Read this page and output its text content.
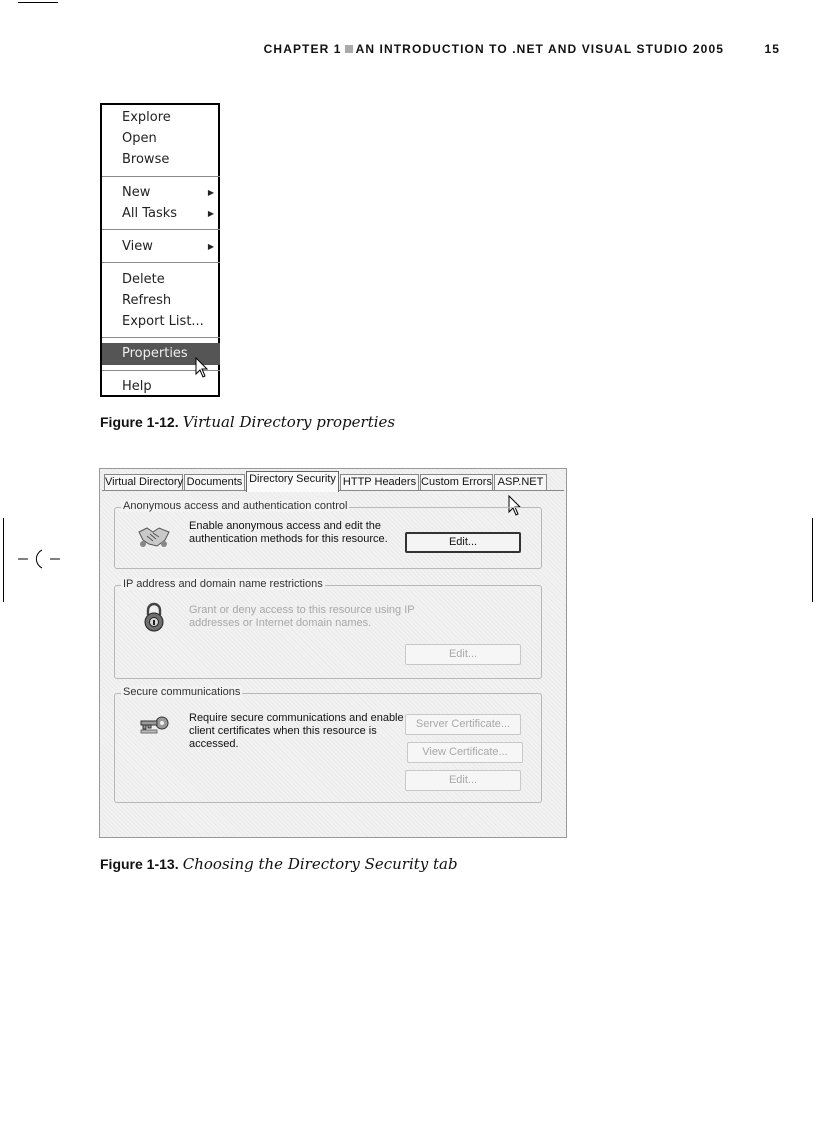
CHAPTER 1 AN INTRODUCTION TO .NET AND VISUAL STUDIO 2005	15
Explore
Open
Browse
New	▶
All Tasks	▶
View	▶
Delete
Refresh
Export List...
Properties
Help
Figure 1-12. Virtual Directory properties
Virtual Directory Documents Directory Security HTTP Headers Custom Errors ASP.NET
Anonymous access and authentication control
Enable anonymous access and edit the
authentication methods for this resource.	Edit...
IP address and domain name restrictions
Grant or deny access to this resource using IP
addresses or Internet domain names.
Edit...
Secure communications
Require secure communications and enable
client certificates when this resource is
accessed.
Server Certificate...
View Certificate...
Edit...
Figure 1-13. Choosing the Directory Security tab
